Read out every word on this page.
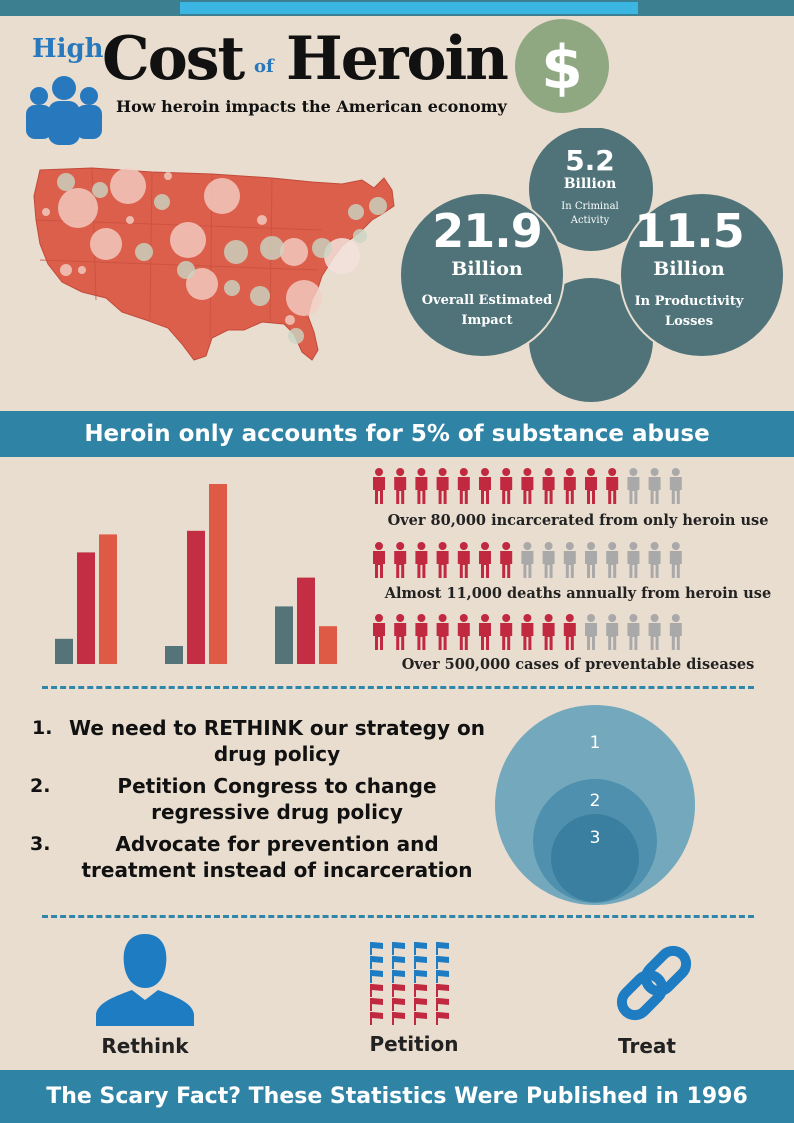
High
Cost of Heroin
How heroin impacts the American economy
$
5.2
Billion
In Criminal
Activity
21.9
Billion
Overall Estimated
Impact
11.5
Billion
In Productivity
Losses
Heroin only accounts for 5% of substance abuse
Over 80,000 incarcerated from only heroin use
Almost 11,000 deaths annually from heroin use
Over 500,000 cases of preventable diseases
1. We need to RETHINK our strategy on
drug policy
2.	Petition Congress to change
regressive drug policy
3.	Advocate for prevention and
treatment instead of incarceration
1
2
3
Rethink	Petition	Treat
The Scary Fact? These Statistics Were Published in 1996
